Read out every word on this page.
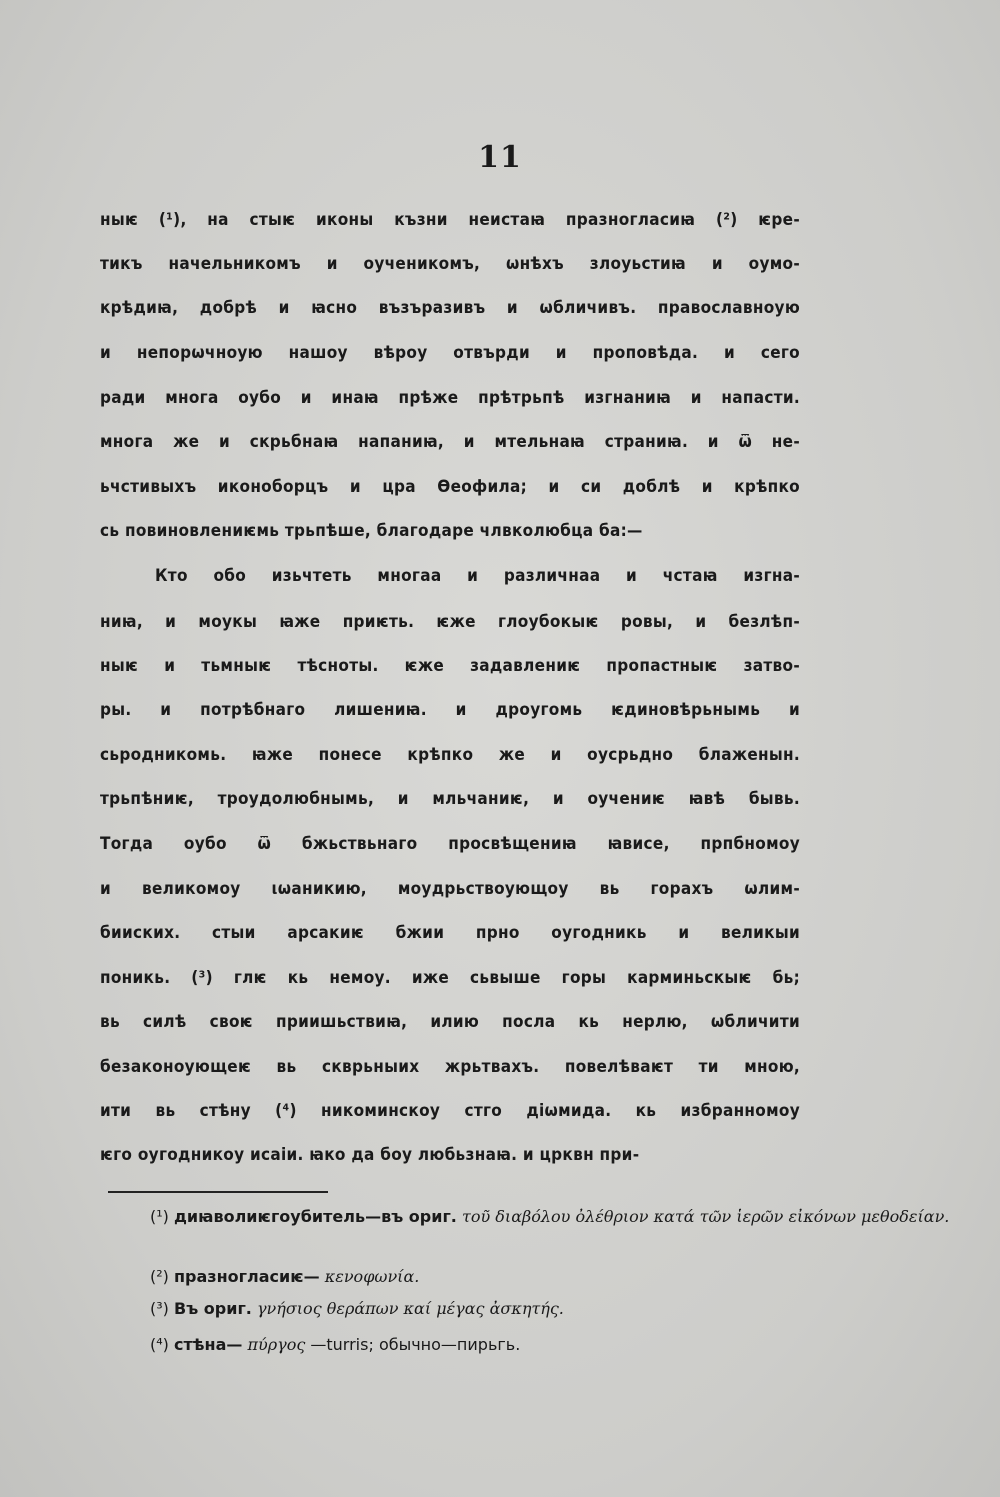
11
ныѥ (¹), на стыѥ иконы къзни неистаꙗ празногласиꙗ (²) ѥре-
тикъ начельникомъ и оученикомъ, ѡнѣхъ злоуьстиꙗ и оумо-
крѣдиꙗ, добрѣ и ꙗсно възъразивъ и ѡбличивъ. православноую
и непорѡчноую нашоу вѣроу отвърди и проповѣда. и сего
ради многа оубо и инаꙗ прѣже прѣтрьпѣ изгнаниꙗ и напасти.
многа же и скрьбнаꙗ напаниꙗ, и мтельнаꙗ страниꙗ. и ѿ не-
ьчстивыхъ иконоборцъ и цра Ѳеофила; и си доблѣ и крѣпко
сь повиновлениѥмь трьпѣше, благодаре члвколюбца ба:—
Кто обо изьчтеть многаа и различнаа и чстаꙗ изгна-
ниꙗ, и моукы ꙗже приѥть. ѥже глоубокыѥ ровы, и безлѣп-
ныѥ и тьмныѥ тѣсноты. ѥже задавлениѥ пропастныѥ затво-
ры. и потрѣбнаго лишениꙗ. и дроугомь ѥдиновѣрьнымь и
сьродникомь. ꙗже понесе крѣпко же и оусрьдно блаженын.
трьпѣниѥ, троудолюбнымь, и мльчаниѥ, и оучениѥ ꙗвѣ бывь.
Тогда оубо ѿ бжьствьнаго просвѣщениꙗ ꙗвисе, прпбномоу
и великомоу ιѡаникию, моудрьствоующоу вь горахъ ѡлим-
бииских. стыи арсакиѥ бжии прно оугодникь и великыи
поникь. (³) глѥ кь немоу. иже сьвыше горы карминьскыѥ бь;
вь силѣ своѥ приишьствиꙗ, илию посла кь нерлю, ѡбличити
безаконоующеѥ вь скврьныих жрьтвахъ. повелѣваѥт ти мною,
ити вь стѣну (⁴) никоминскоу стго дiѡмида. кь избранномоу
ѥго оугодникоу исаiи. ꙗко да боу любьзнаꙗ. и црквн при-
(¹) диꙗволиѥгоубитель—въ ориг. τοῦ διαβόλου ὀλέθριον κατά τῶν ἱερῶν εἰκόνων μεθοδείαν.
(²) празногласиѥ— κενοφωνία.
(³) Въ ориг. γνήσιος θεράπων καί μέγας ἀσκητής.
(⁴) стѣна— πύργος —turris; обычно—пирьгь.
